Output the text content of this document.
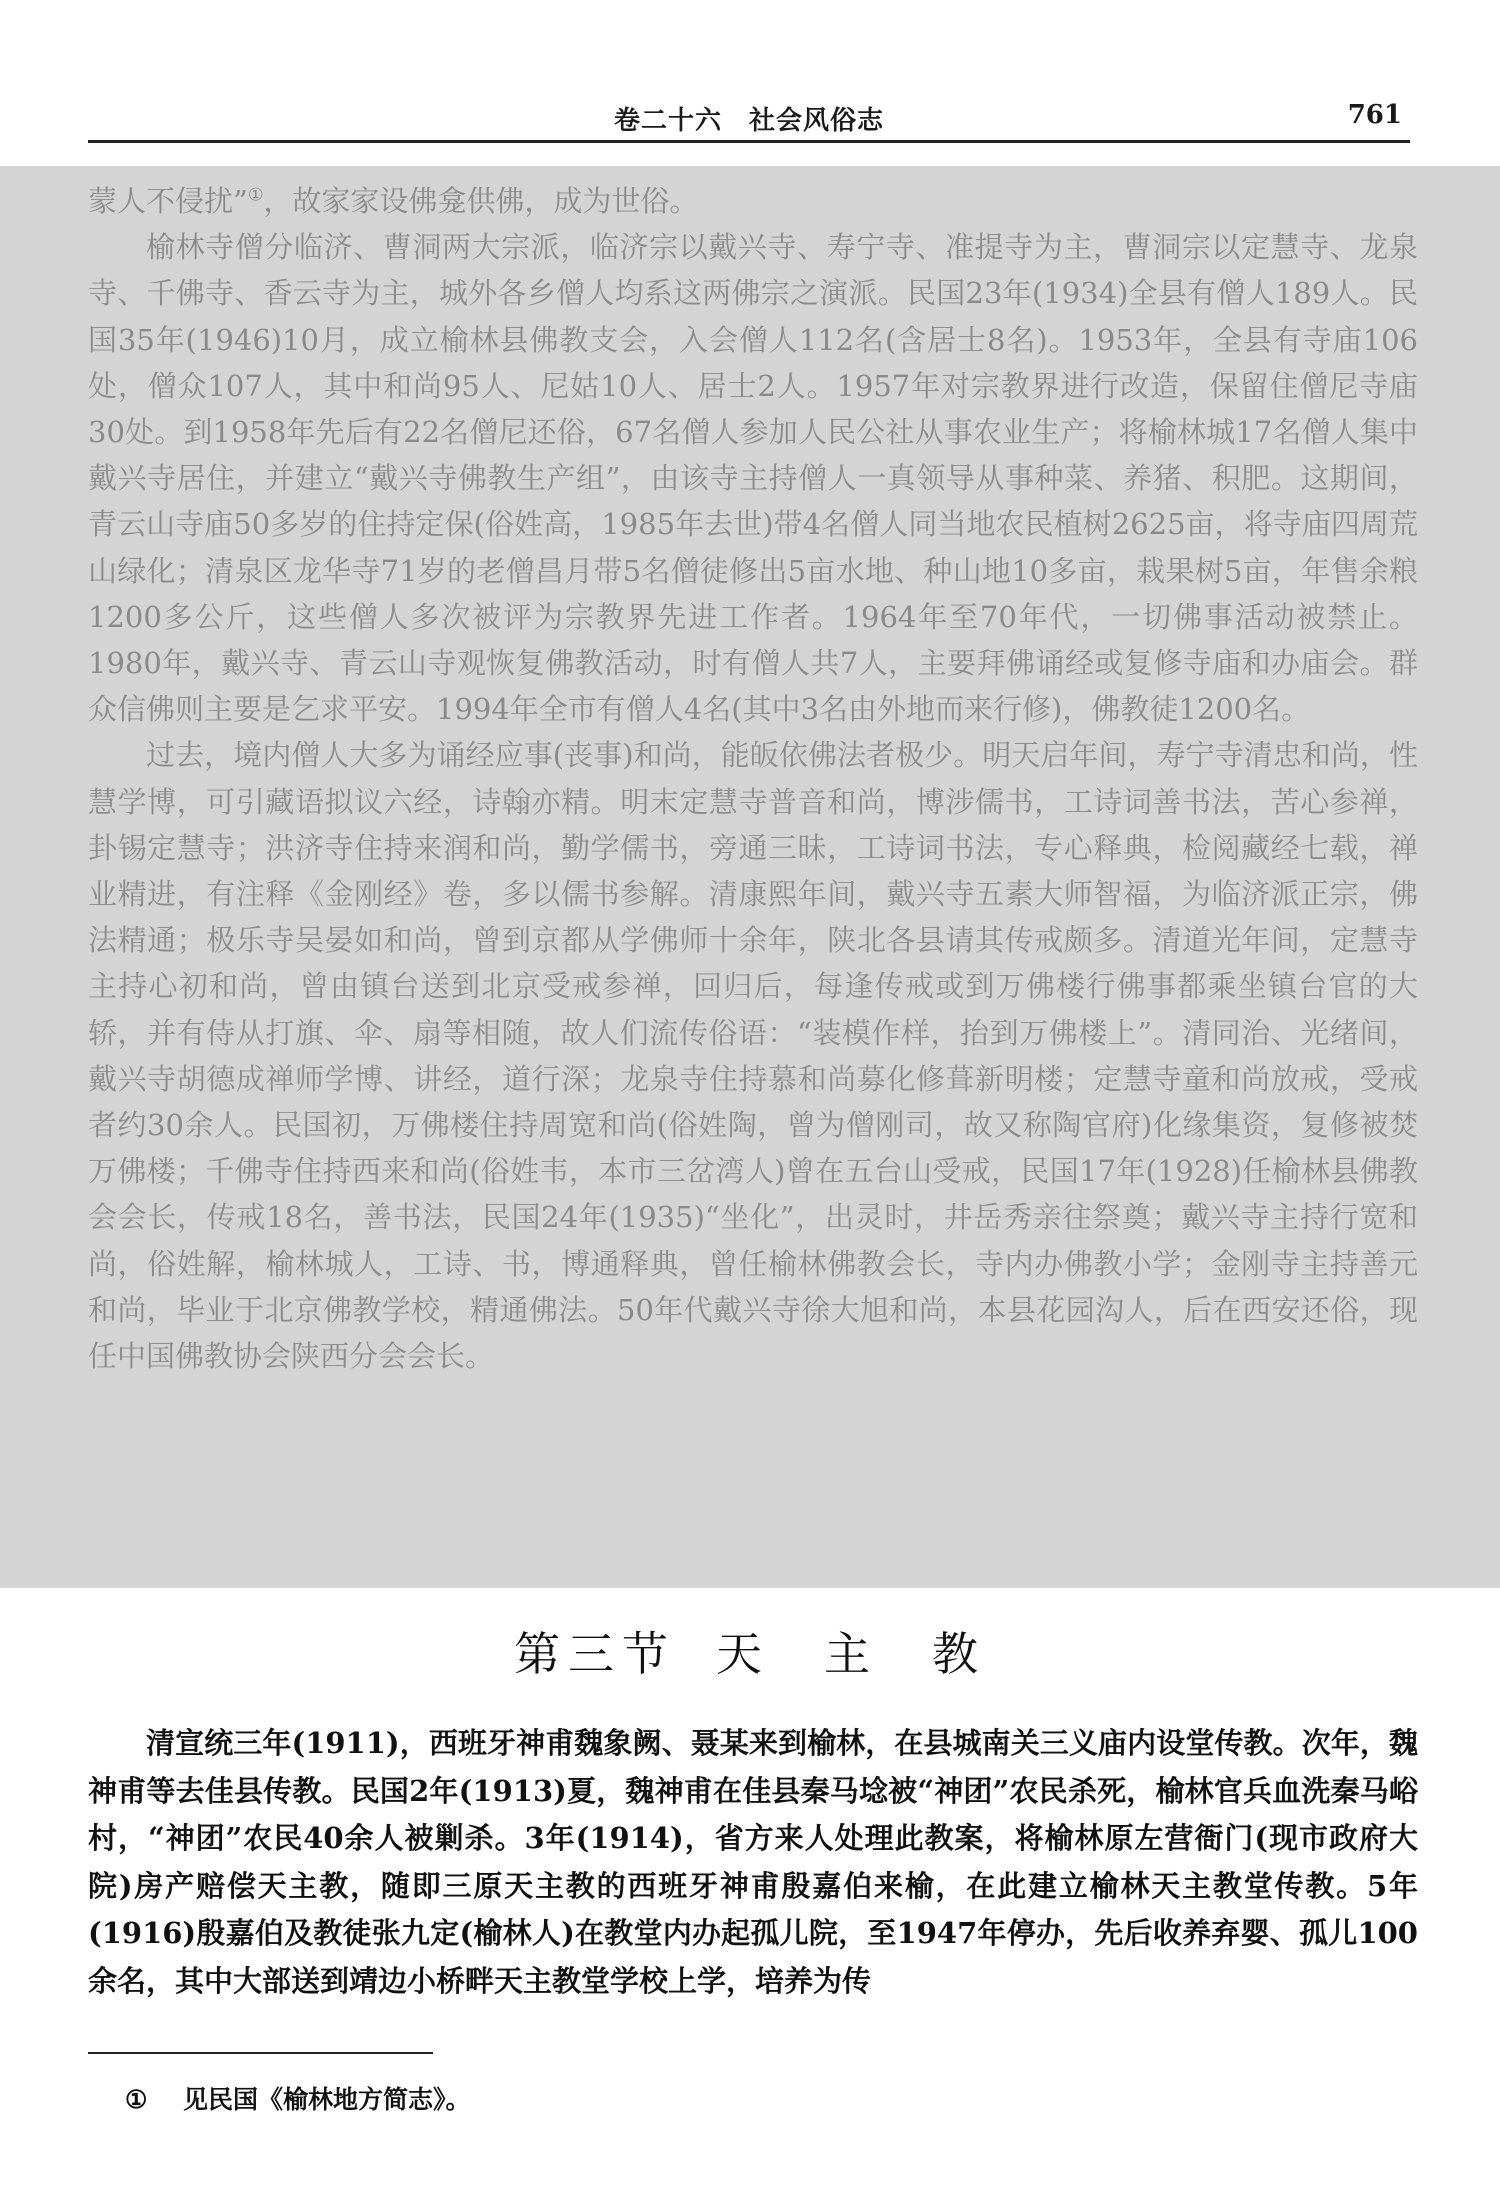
卷二十六　社会风俗志	761

蒙人不侵扰”①，故家家设佛龛供佛，成为世俗。

榆林寺僧分临济、曹洞两大宗派，临济宗以戴兴寺、寿宁寺、准提寺为主，曹洞宗以定慧寺、龙泉寺、千佛寺、香云寺为主，城外各乡僧人均系这两佛宗之演派。民国23年(1934)全县有僧人189人。民国35年(1946)10月，成立榆林县佛教支会，入会僧人112名(含居士8名)。1953年，全县有寺庙106处，僧众107人，其中和尚95人、尼姑10人、居士2人。1957年对宗教界进行改造，保留住僧尼寺庙30处。到1958年先后有22名僧尼还俗，67名僧人参加人民公社从事农业生产；将榆林城17名僧人集中戴兴寺居住，并建立“戴兴寺佛教生产组”，由该寺主持僧人一真领导从事种菜、养猪、积肥。这期间，青云山寺庙50多岁的住持定保(俗姓高，1985年去世)带4名僧人同当地农民植树2625亩，将寺庙四周荒山绿化；清泉区龙华寺71岁的老僧昌月带5名僧徒修出5亩水地、种山地10多亩，栽果树5亩，年售余粮1200多公斤，这些僧人多次被评为宗教界先进工作者。1964年至70年代，一切佛事活动被禁止。1980年，戴兴寺、青云山寺观恢复佛教活动，时有僧人共7人，主要拜佛诵经或复修寺庙和办庙会。群众信佛则主要是乞求平安。1994年全市有僧人4名(其中3名由外地而来行修)，佛教徒1200名。

过去，境内僧人大多为诵经应事(丧事)和尚，能皈依佛法者极少。明天启年间，寿宁寺清忠和尚，性慧学博，可引藏语拟议六经，诗翰亦精。明末定慧寺普音和尚，博涉儒书，工诗词善书法，苦心参禅，卦锡定慧寺；洪济寺住持来润和尚，勤学儒书，旁通三昧，工诗词书法，专心释典，检阅藏经七载，禅业精进，有注释《金刚经》卷，多以儒书参解。清康熙年间，戴兴寺五素大师智福，为临济派正宗，佛法精通；极乐寺吴晏如和尚，曾到京都从学佛师十余年，陕北各县请其传戒颇多。清道光年间，定慧寺主持心初和尚，曾由镇台送到北京受戒参禅，回归后，每逢传戒或到万佛楼行佛事都乘坐镇台官的大轿，并有侍从打旗、伞、扇等相随，故人们流传俗语：“装模作样，抬到万佛楼上”。清同治、光绪间，戴兴寺胡德成禅师学博、讲经，道行深；龙泉寺住持慕和尚募化修葺新明楼；定慧寺童和尚放戒，受戒者约30余人。民国初，万佛楼住持周宽和尚(俗姓陶，曾为僧刚司，故又称陶官府)化缘集资，复修被焚万佛楼；千佛寺住持西来和尚(俗姓韦，本市三岔湾人)曾在五台山受戒，民国17年(1928)任榆林县佛教会会长，传戒18名，善书法，民国24年(1935)“坐化”，出灵时，井岳秀亲往祭奠；戴兴寺主持行宽和尚，俗姓解，榆林城人，工诗、书，博通释典，曾任榆林佛教会长，寺内办佛教小学；金刚寺主持善元和尚，毕业于北京佛教学校，精通佛法。50年代戴兴寺徐大旭和尚，本县花园沟人，后在西安还俗，现任中国佛教协会陕西分会会长。

第三节 天　主　教

清宣统三年(1911)，西班牙神甫魏象阙、聂某来到榆林，在县城南关三义庙内设堂传教。次年，魏神甫等去佳县传教。民国2年(1913)夏，魏神甫在佳县秦马埝被“神团”农民杀死，榆林官兵血洗秦马峪村，“神团”农民40余人被剿杀。3年(1914)，省方来人处理此教案，将榆林原左营衙门(现市政府大院)房产赔偿天主教，随即三原天主教的西班牙神甫殷嘉伯来榆，在此建立榆林天主教堂传教。5年(1916)殷嘉伯及教徒张九定(榆林人)在教堂内办起孤儿院，至1947年停办，先后收养弃婴、孤儿100余名，其中大部送到靖边小桥畔天主教堂学校上学，培养为传

① 见民国《榆林地方简志》。
